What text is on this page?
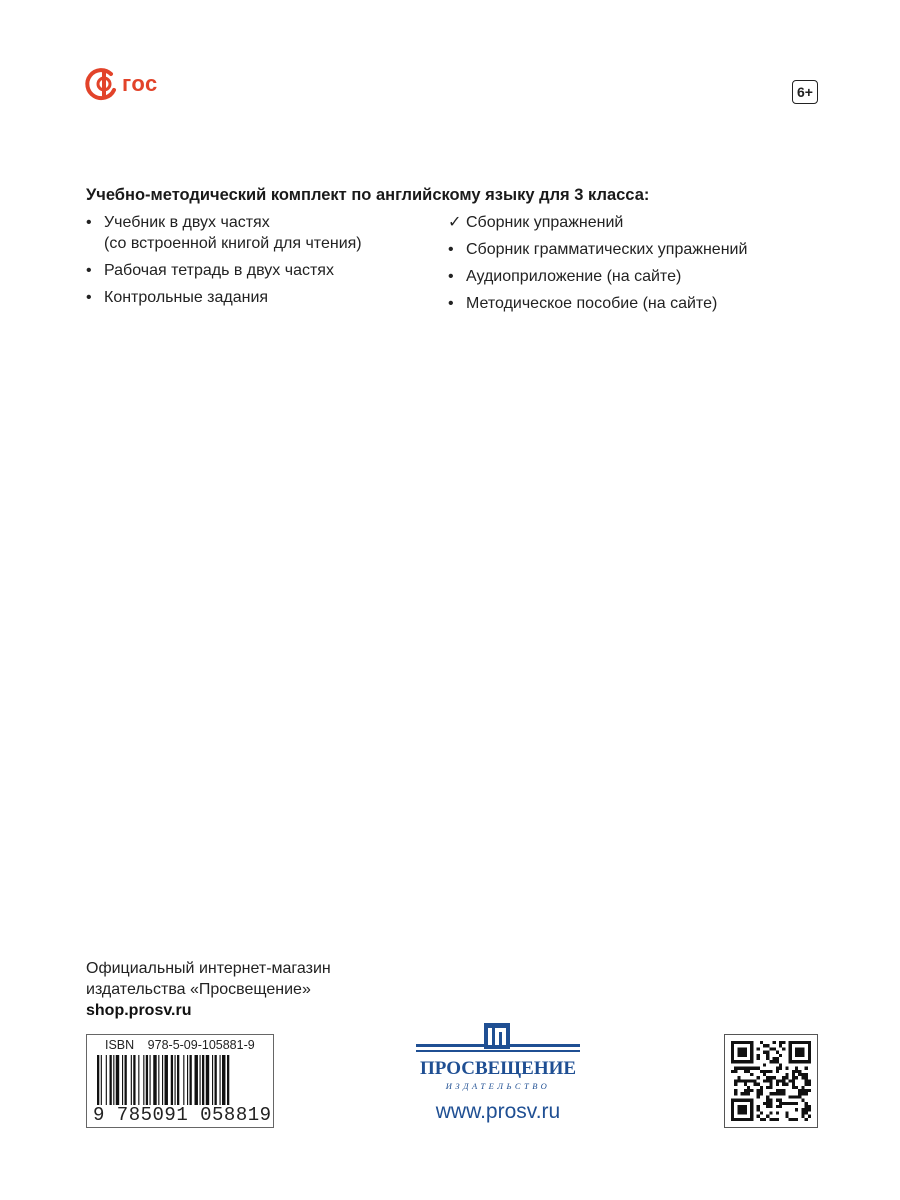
гос	6+
Учебно-методический комплект по английскому языку для 3 класса:
• Учебник в двух частях
(со встроенной книгой для чтения)
• Рабочая тетрадь в двух частях
• Контрольные задания
✓ Сборник упражнений
• Сборник грамматических упражнений
• Аудиоприложение (на сайте)
• Методическое пособие (на сайте)
Официальный интернет-магазин
издательства «Просвещение»
shop.prosv.ru
ISBN 978-5-09-105881-9
9 785091 058819
ПРОСВЕЩЕНИЕ
ИЗДАТЕЛЬСТВО
www.prosv.ru
